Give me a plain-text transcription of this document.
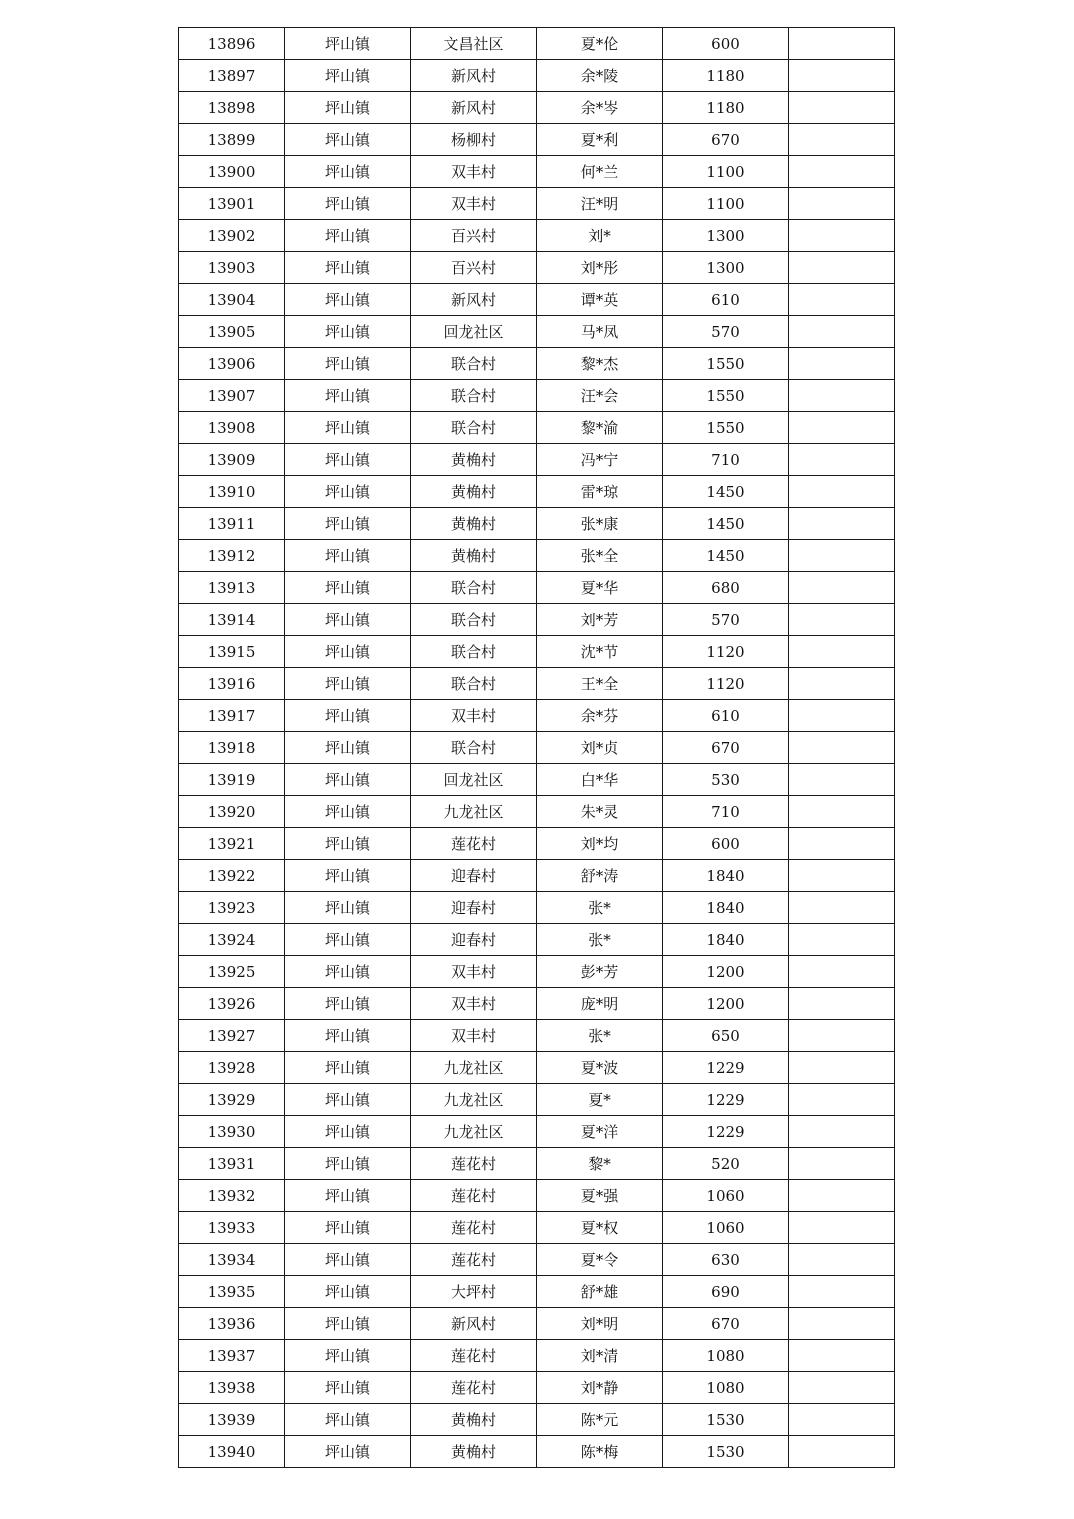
13896	坪山镇	文昌社区	夏*伦	600	
13897	坪山镇	新风村	余*陵	1180	
13898	坪山镇	新风村	余*岑	1180	
13899	坪山镇	杨柳村	夏*利	670	
13900	坪山镇	双丰村	何*兰	1100	
13901	坪山镇	双丰村	汪*明	1100	
13902	坪山镇	百兴村	刘*	1300	
13903	坪山镇	百兴村	刘*彤	1300	
13904	坪山镇	新风村	谭*英	610	
13905	坪山镇	回龙社区	马*凤	570	
13906	坪山镇	联合村	黎*杰	1550	
13907	坪山镇	联合村	汪*会	1550	
13908	坪山镇	联合村	黎*渝	1550	
13909	坪山镇	黄桷村	冯*宁	710	
13910	坪山镇	黄桷村	雷*琼	1450	
13911	坪山镇	黄桷村	张*康	1450	
13912	坪山镇	黄桷村	张*全	1450	
13913	坪山镇	联合村	夏*华	680	
13914	坪山镇	联合村	刘*芳	570	
13915	坪山镇	联合村	沈*节	1120	
13916	坪山镇	联合村	王*全	1120	
13917	坪山镇	双丰村	余*芬	610	
13918	坪山镇	联合村	刘*贞	670	
13919	坪山镇	回龙社区	白*华	530	
13920	坪山镇	九龙社区	朱*灵	710	
13921	坪山镇	莲花村	刘*均	600	
13922	坪山镇	迎春村	舒*涛	1840	
13923	坪山镇	迎春村	张*	1840	
13924	坪山镇	迎春村	张*	1840	
13925	坪山镇	双丰村	彭*芳	1200	
13926	坪山镇	双丰村	庞*明	1200	
13927	坪山镇	双丰村	张*	650	
13928	坪山镇	九龙社区	夏*波	1229	
13929	坪山镇	九龙社区	夏*	1229	
13930	坪山镇	九龙社区	夏*洋	1229	
13931	坪山镇	莲花村	黎*	520	
13932	坪山镇	莲花村	夏*强	1060	
13933	坪山镇	莲花村	夏*权	1060	
13934	坪山镇	莲花村	夏*令	630	
13935	坪山镇	大坪村	舒*雄	690	
13936	坪山镇	新风村	刘*明	670	
13937	坪山镇	莲花村	刘*清	1080	
13938	坪山镇	莲花村	刘*静	1080	
13939	坪山镇	黄桷村	陈*元	1530	
13940	坪山镇	黄桷村	陈*梅	1530	
